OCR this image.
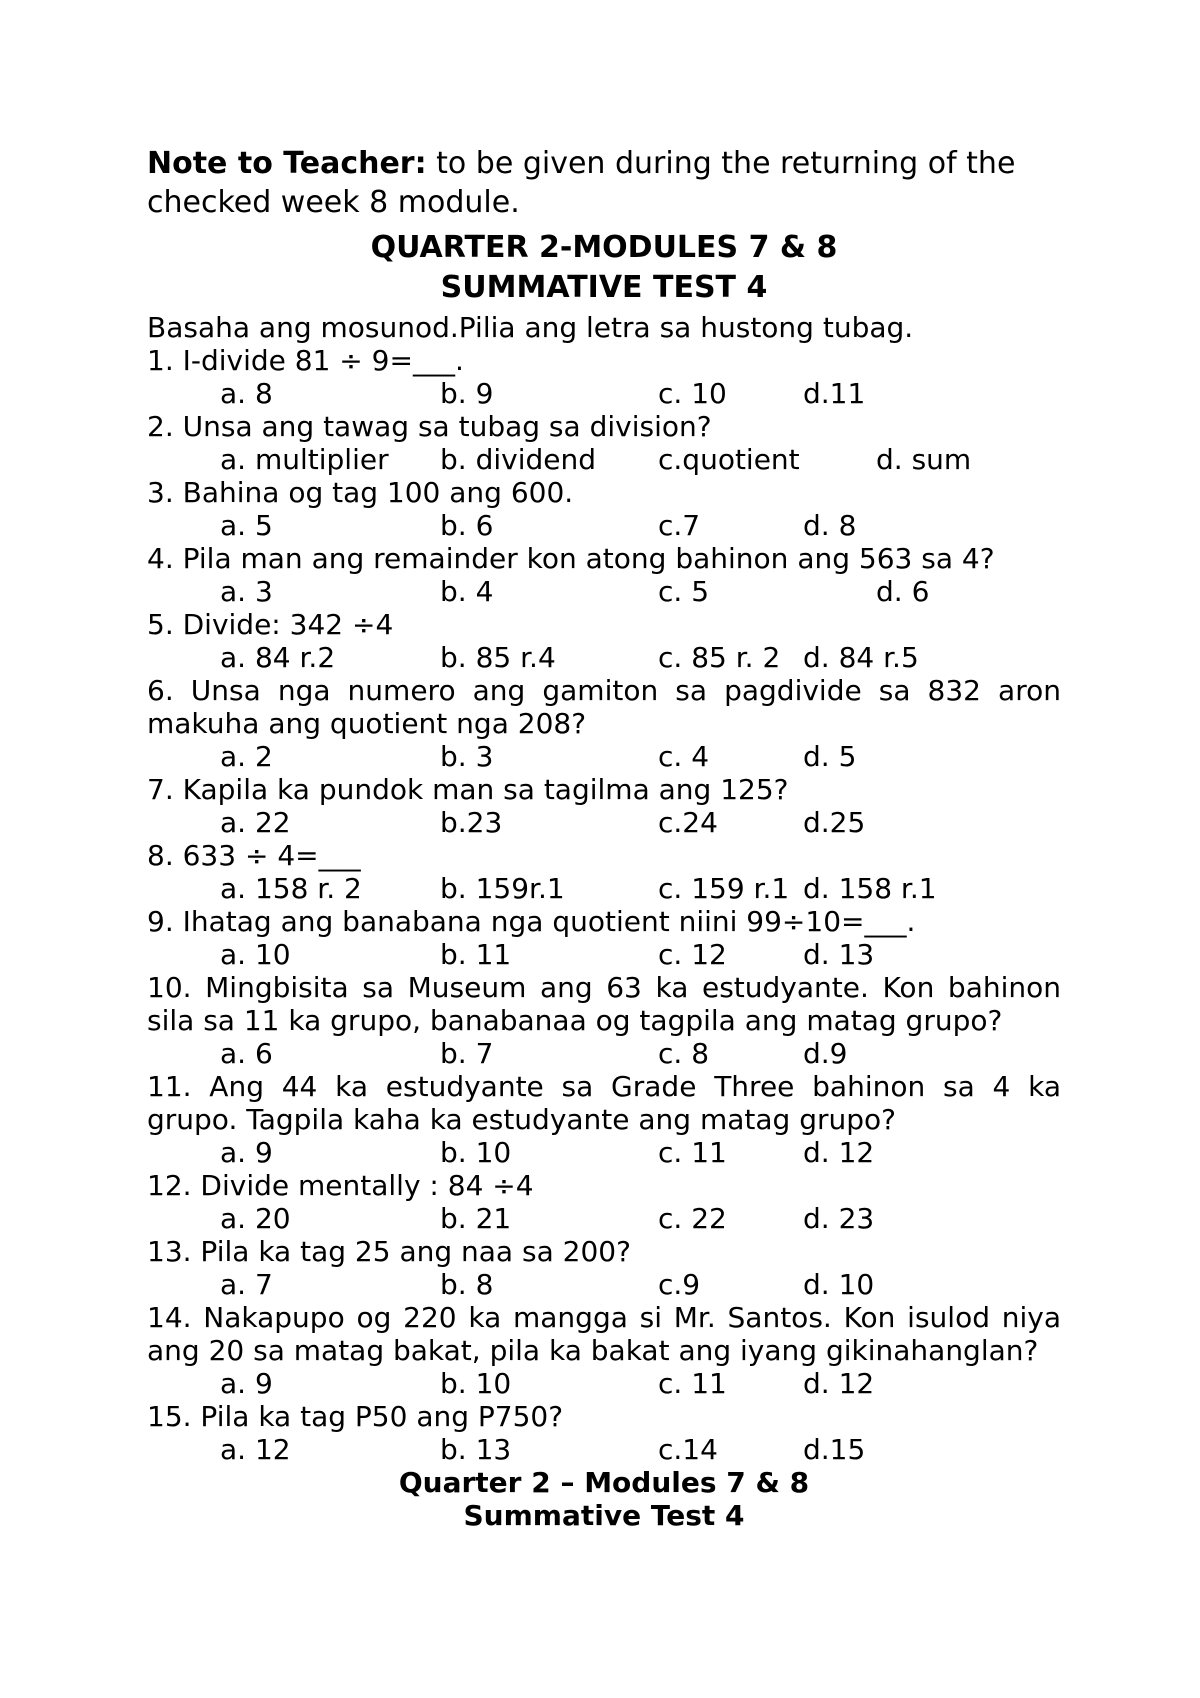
Note to Teacher: to be given during the returning of the checked week 8 module.
QUARTER 2-MODULES 7 & 8
SUMMATIVE TEST 4
Basaha ang mosunod.Pilia ang letra sa hustong tubag.
1. I-divide 81 ÷ 9=___.
a. 8	b. 9	c. 10	d.11
2. Unsa ang tawag sa tubag sa division?
a. multiplier b. dividend c.quotient	d. sum
3. Bahina og tag 100 ang 600.
a. 5	b. 6	c.7	d. 8
4. Pila man ang remainder kon atong bahinon ang 563 sa 4?
a. 3	b. 4	c. 5	d. 6
5. Divide: 342 ÷4
a. 84 r.2	b. 85 r.4	c. 85 r. 2 d. 84 r.5
6. Unsa nga numero ang gamiton sa pagdivide sa 832 aron makuha ang quotient nga 208?
a. 2	b. 3	c. 4	d. 5
7. Kapila ka pundok man sa tagilma ang 125?
a. 22	b.23	c.24	d.25
8. 633 ÷ 4=___
a. 158 r. 2	b. 159r.1	c. 159 r.1 d. 158 r.1
9. Ihatag ang banabana nga quotient niini 99÷10=___.
a. 10	b. 11	c. 12	d. 13
10. Mingbisita sa Museum ang 63 ka estudyante. Kon bahinon sila sa 11 ka grupo, banabanaa og tagpila ang matag grupo?
a. 6	b. 7	c. 8	d.9
11. Ang 44 ka estudyante sa Grade Three bahinon sa 4 ka grupo. Tagpila kaha ka estudyante ang matag grupo?
a. 9	b. 10	c. 11	d. 12
12. Divide mentally : 84 ÷4
a. 20	b. 21	c. 22	d. 23
13. Pila ka tag 25 ang naa sa 200?
a. 7	b. 8	c.9	d. 10
14. Nakapupo og 220 ka mangga si Mr. Santos. Kon isulod niya ang 20 sa matag bakat, pila ka bakat ang iyang gikinahanglan?
a. 9	b. 10	c. 11	d. 12
15. Pila ka tag P50 ang P750?
a. 12	b. 13	c.14	d.15
Quarter 2 – Modules 7 & 8
Summative Test 4
